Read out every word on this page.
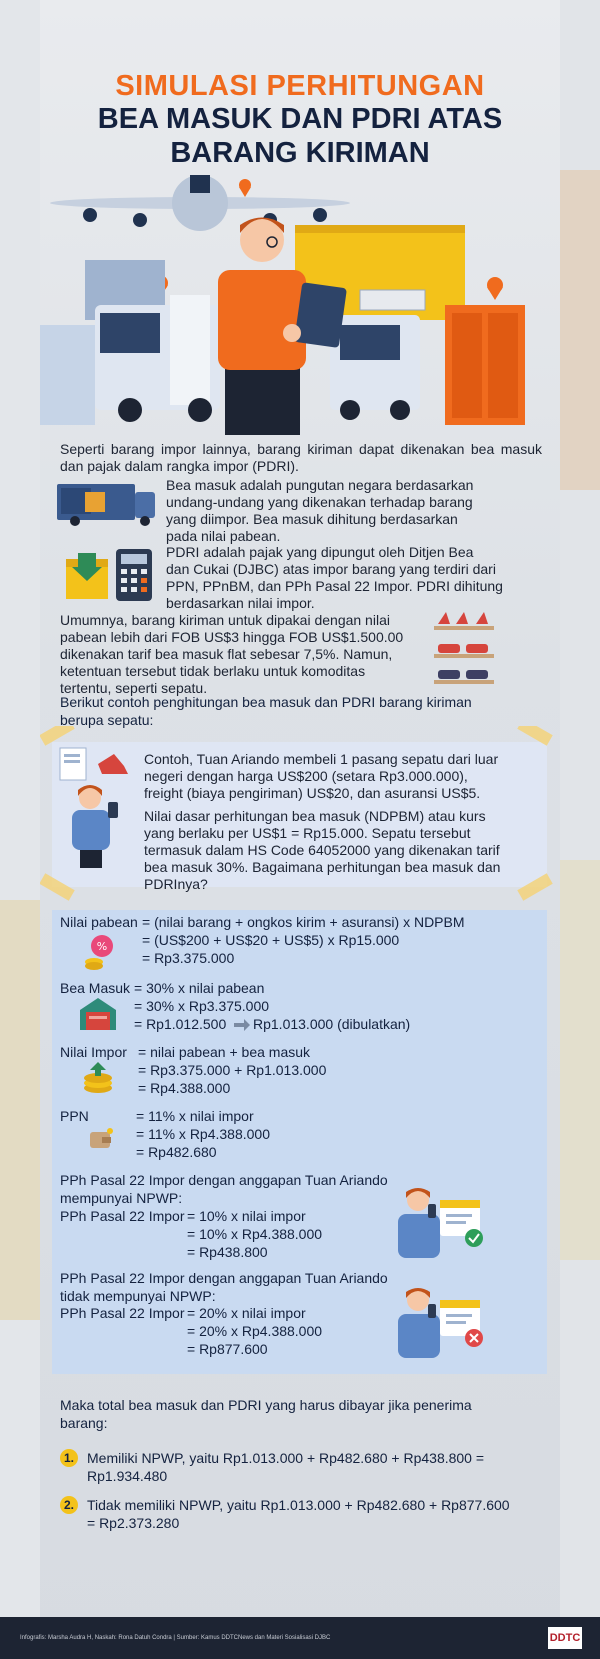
SIMULASI PERHITUNGAN
BEA MASUK DAN PDRI ATAS
BARANG KIRIMAN
Seperti barang impor lainnya, barang kiriman dapat dikenakan bea masuk dan pajak dalam rangka impor (PDRI).
Bea masuk adalah pungutan negara berdasarkan
undang-undang yang dikenakan terhadap barang
yang diimpor. Bea masuk dihitung berdasarkan
pada nilai pabean.
PDRI adalah pajak yang dipungut oleh Ditjen Bea
dan Cukai (DJBC) atas impor barang yang terdiri dari
PPN, PPnBM, dan PPh Pasal 22 Impor. PDRI dihitung
berdasarkan nilai impor.
Umumnya, barang kiriman untuk dipakai dengan nilai
pabean lebih dari FOB US$3 hingga FOB US$1.500.00
dikenakan tarif bea masuk flat sebesar 7,5%. Namun,
ketentuan tersebut tidak berlaku untuk komoditas
tertentu, seperti sepatu.
Berikut contoh penghitungan bea masuk dan PDRI barang kiriman
berupa sepatu:
Contoh, Tuan Ariando membeli 1 pasang sepatu dari luar
negeri dengan harga US$200 (setara Rp3.000.000),
freight (biaya pengiriman) US$20, dan asuransi US$5.
Nilai dasar perhitungan bea masuk (NDPBM) atau kurs
yang berlaku per US$1 = Rp15.000. Sepatu tersebut
termasuk dalam HS Code 64052000 yang dikenakan tarif
bea masuk 30%. Bagaimana perhitungan bea masuk dan
PDRInya?
Nilai pabean = (nilai barang + ongkos kirim + asuransi) x NDPBM
= (US$200 + US$20 + US$5) x Rp15.000
= Rp3.375.000
%
Bea Masuk = 30% x nilai pabean
= 30% x Rp3.375.000
= Rp1.012.500 Rp1.013.000 (dibulatkan)
Nilai Impor = nilai pabean + bea masuk
= Rp3.375.000 + Rp1.013.000
= Rp4.388.000
PPN	= 11% x nilai impor
= 11% x Rp4.388.000
= Rp482.680
PPh Pasal 22 Impor dengan anggapan Tuan Ariando
mempunyai NPWP:
PPh Pasal 22 Impor = 10% x nilai impor
= 10% x Rp4.388.000
= Rp438.800
PPh Pasal 22 Impor dengan anggapan Tuan Ariando
tidak mempunyai NPWP:
PPh Pasal 22 Impor = 20% x nilai impor
= 20% x Rp4.388.000
= Rp877.600
Maka total bea masuk dan PDRI yang harus dibayar jika penerima
barang:
1. Memiliki NPWP, yaitu Rp1.013.000 + Rp482.680 + Rp438.800 =
Rp1.934.480
2. Tidak memiliki NPWP, yaitu Rp1.013.000 + Rp482.680 + Rp877.600
= Rp2.373.280
Infografis: Marsha Audra H, Naskah: Rona Datuh Condra | Sumber: Kamus DDTCNews dan Materi Sosialisasi DJBC	DDTC
